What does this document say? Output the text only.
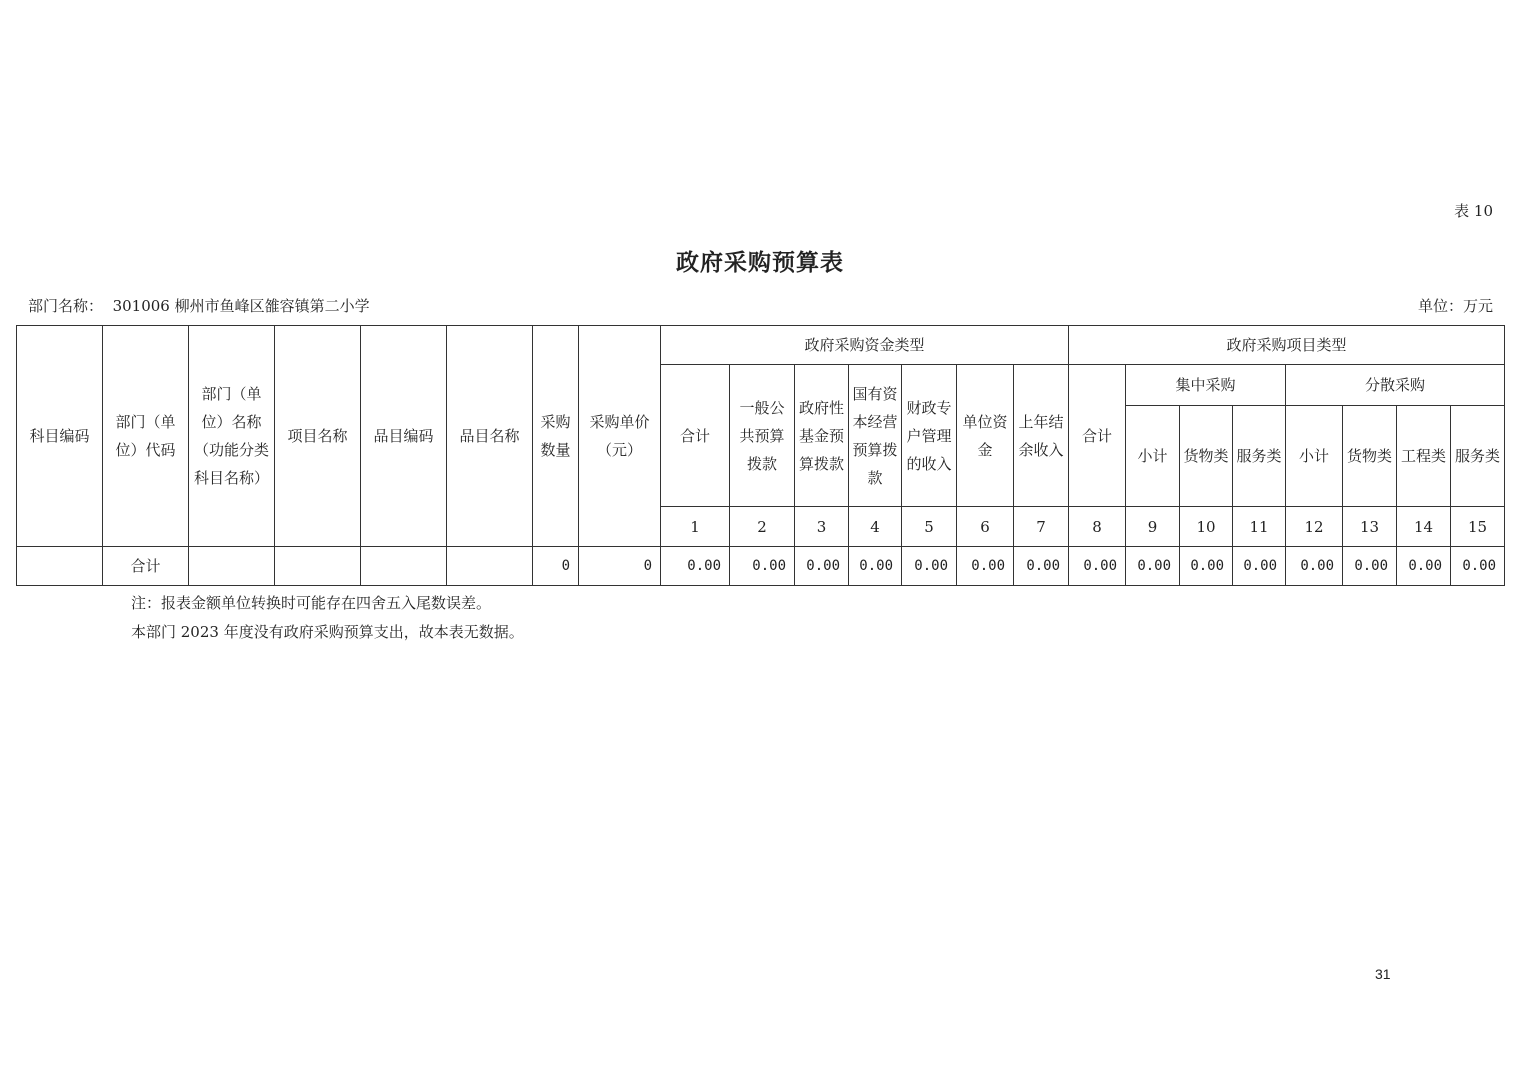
表 10
政府采购预算表
部门名称： 301006 柳州市鱼峰区雒容镇第二小学	单位：万元
科目编码	部门（单位）代码	部门（单位）名称（功能分类科目名称）	项目名称	品目编码	品目名称	采购数量	采购单价（元）	政府采购资金类型							政府采购项目类型							
								合计	一般公共预算拨款	政府性基金预算拨款	国有资本经营预算拨款	财政专户管理的收入	单位资金	上年结余收入	合计	集中采购			分散采购			
																小计	货物类	服务类	小计	货物类	工程类	服务类
								1	2	3	4	5	6	7	8	9	10	11	12	13	14	15
	合计					0	0	0.00	0.00	0.00	0.00	0.00	0.00	0.00	0.00	0.00	0.00	0.00	0.00	0.00	0.00	0.00
注：报表金额单位转换时可能存在四舍五入尾数误差。
本部门 2023 年度没有政府采购预算支出，故本表无数据。
31
